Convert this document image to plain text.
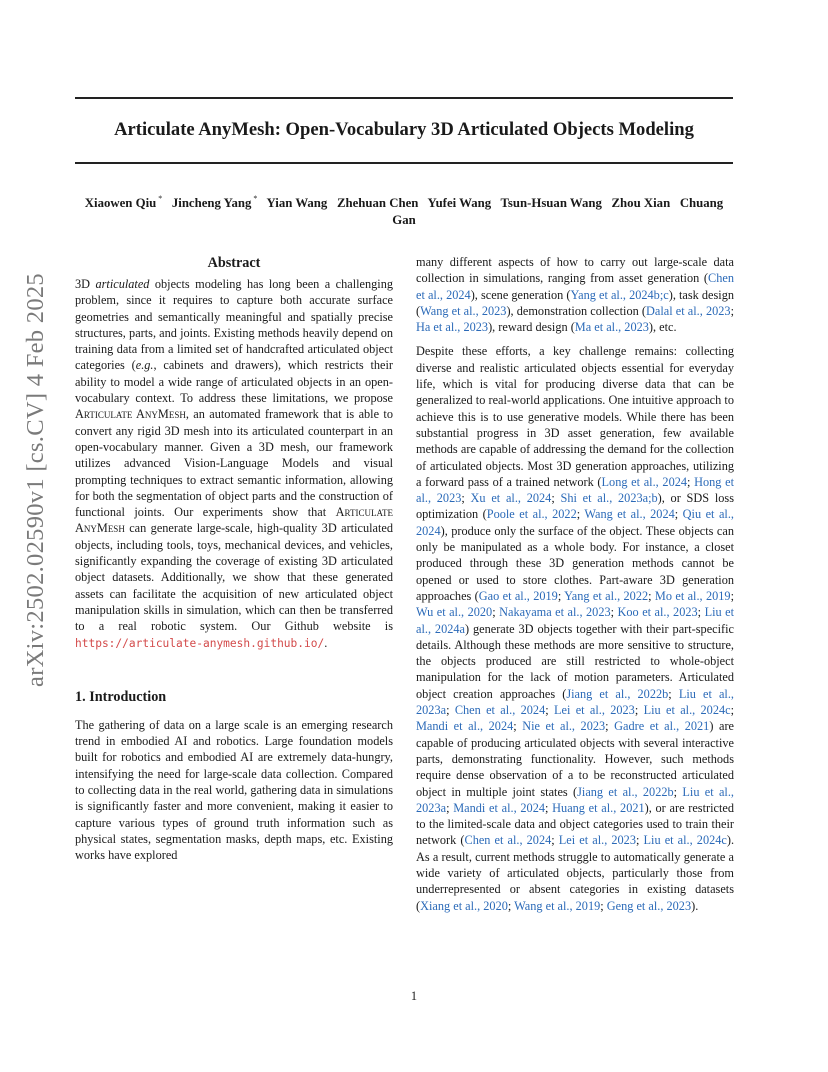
Articulate AnyMesh: Open-Vocabulary 3D Articulated Objects Modeling
Xiaowen Qiu * Jincheng Yang * Yian Wang Zhehuan Chen Yufei Wang Tsun-Hsuan Wang Zhou Xian Chuang Gan
arXiv:2502.02590v1 [cs.CV] 4 Feb 2025
Abstract

3D articulated objects modeling has long been a challenging problem, since it requires to capture both accurate surface geometries and semantically meaningful and spatially precise structures, parts, and joints. Existing methods heavily depend on training data from a limited set of handcrafted articulated object categories (e.g., cabinets and drawers), which restricts their ability to model a wide range of articulated objects in an open-vocabulary context. To address these limitations, we propose Articulate AnyMesh, an automated framework that is able to convert any rigid 3D mesh into its articulated counterpart in an open-vocabulary manner. Given a 3D mesh, our framework utilizes advanced Vision-Language Models and visual prompting techniques to extract semantic information, allowing for both the segmentation of object parts and the construction of functional joints. Our experiments show that Articulate AnyMesh can generate large-scale, high-quality 3D articulated objects, including tools, toys, mechanical devices, and vehicles, significantly expanding the coverage of existing 3D articulated object datasets. Additionally, we show that these generated assets can facilitate the acquisition of new articulated object manipulation skills in simulation, which can then be transferred to a real robotic system. Our Github website is https://articulate-anymesh.github.io/.

1. Introduction

The gathering of data on a large scale is an emerging research trend in embodied AI and robotics. Large foundation models built for robotics and embodied AI are extremely data-hungry, intensifying the need for large-scale data collection. Compared to collecting data in the real world, gathering data in simulations is significantly faster and more convenient, making it easier to capture various types of ground truth information such as physical states, segmentation masks, depth maps, etc. Existing works have explored

many different aspects of how to carry out large-scale data collection in simulations, ranging from asset generation (Chen et al., 2024), scene generation (Yang et al., 2024b;c), task design (Wang et al., 2023), demonstration collection (Dalal et al., 2023; Ha et al., 2023), reward design (Ma et al., 2023), etc.

Despite these efforts, a key challenge remains: collecting diverse and realistic articulated objects essential for everyday life, which is vital for producing diverse data that can be generalized to real-world applications. One intuitive approach to achieve this is to use generative models. While there has been substantial progress in 3D asset generation, few available methods are capable of addressing the demand for the collection of articulated objects. Most 3D generation approaches, utilizing a forward pass of a trained network (Long et al., 2024; Hong et al., 2023; Xu et al., 2024; Shi et al., 2023a;b), or SDS loss optimization (Poole et al., 2022; Wang et al., 2024; Qiu et al., 2024), produce only the surface of the object. These objects can only be manipulated as a whole body. For instance, a closet produced through these 3D generation methods cannot be opened or used to store clothes. Part-aware 3D generation approaches (Gao et al., 2019; Yang et al., 2022; Mo et al., 2019; Wu et al., 2020; Nakayama et al., 2023; Koo et al., 2023; Liu et al., 2024a) generate 3D objects together with their part-specific details. Although these methods are more sensitive to structure, the objects produced are still restricted to whole-object manipulation for the lack of motion parameters. Articulated object creation approaches (Jiang et al., 2022b; Liu et al., 2023a; Chen et al., 2024; Lei et al., 2023; Liu et al., 2024c; Mandi et al., 2024; Nie et al., 2023; Gadre et al., 2021) are capable of producing articulated objects with several interactive parts, demonstrating functionality. However, such methods require dense observation of a to be reconstructed articulated object in multiple joint states (Jiang et al., 2022b; Liu et al., 2023a; Mandi et al., 2024; Huang et al., 2021), or are restricted to the limited-scale data and object categories used to train their network (Chen et al., 2024; Lei et al., 2023; Liu et al., 2024c). As a result, current methods struggle to automatically generate a wide variety of articulated objects, particularly those from underrepresented or absent categories in existing datasets (Xiang et al., 2020; Wang et al., 2019; Geng et al., 2023).

1
